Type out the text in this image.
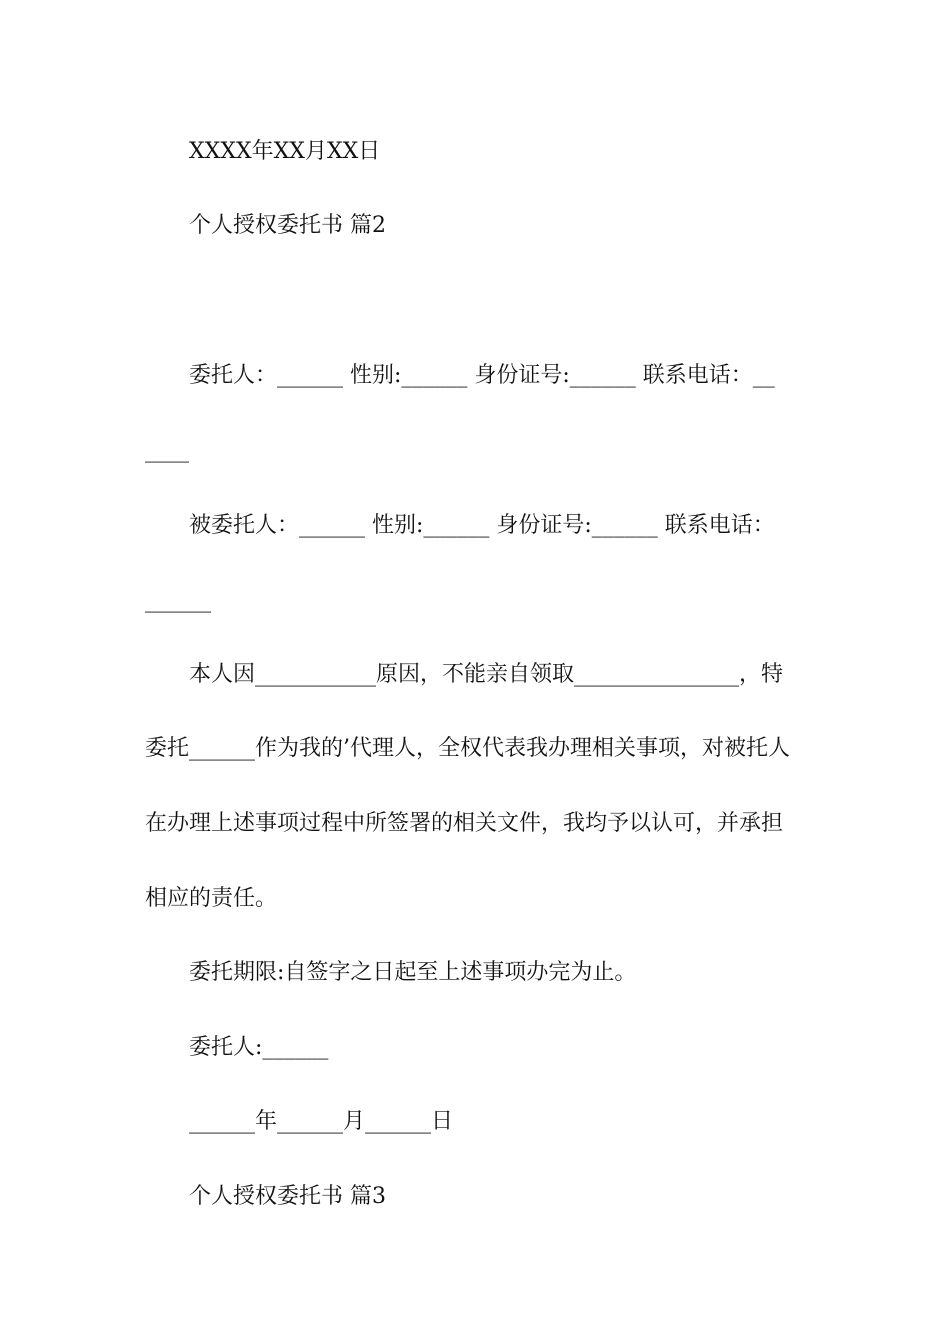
XXXX年XX月XX日
个人授权委托书 篇2
委托人：______ 性别:______ 身份证号:______ 联系电话：__
____
被委托人：______ 性别:______ 身份证号:______ 联系电话：
______
本人因___________原因，不能亲自领取_______________，特
委托______作为我的’代理人，全权代表我办理相关事项，对被托人
在办理上述事项过程中所签署的相关文件，我均予以认可，并承担
相应的责任。
委托期限:自签字之日起至上述事项办完为止。
委托人:______
______年______月______日
个人授权委托书 篇3
